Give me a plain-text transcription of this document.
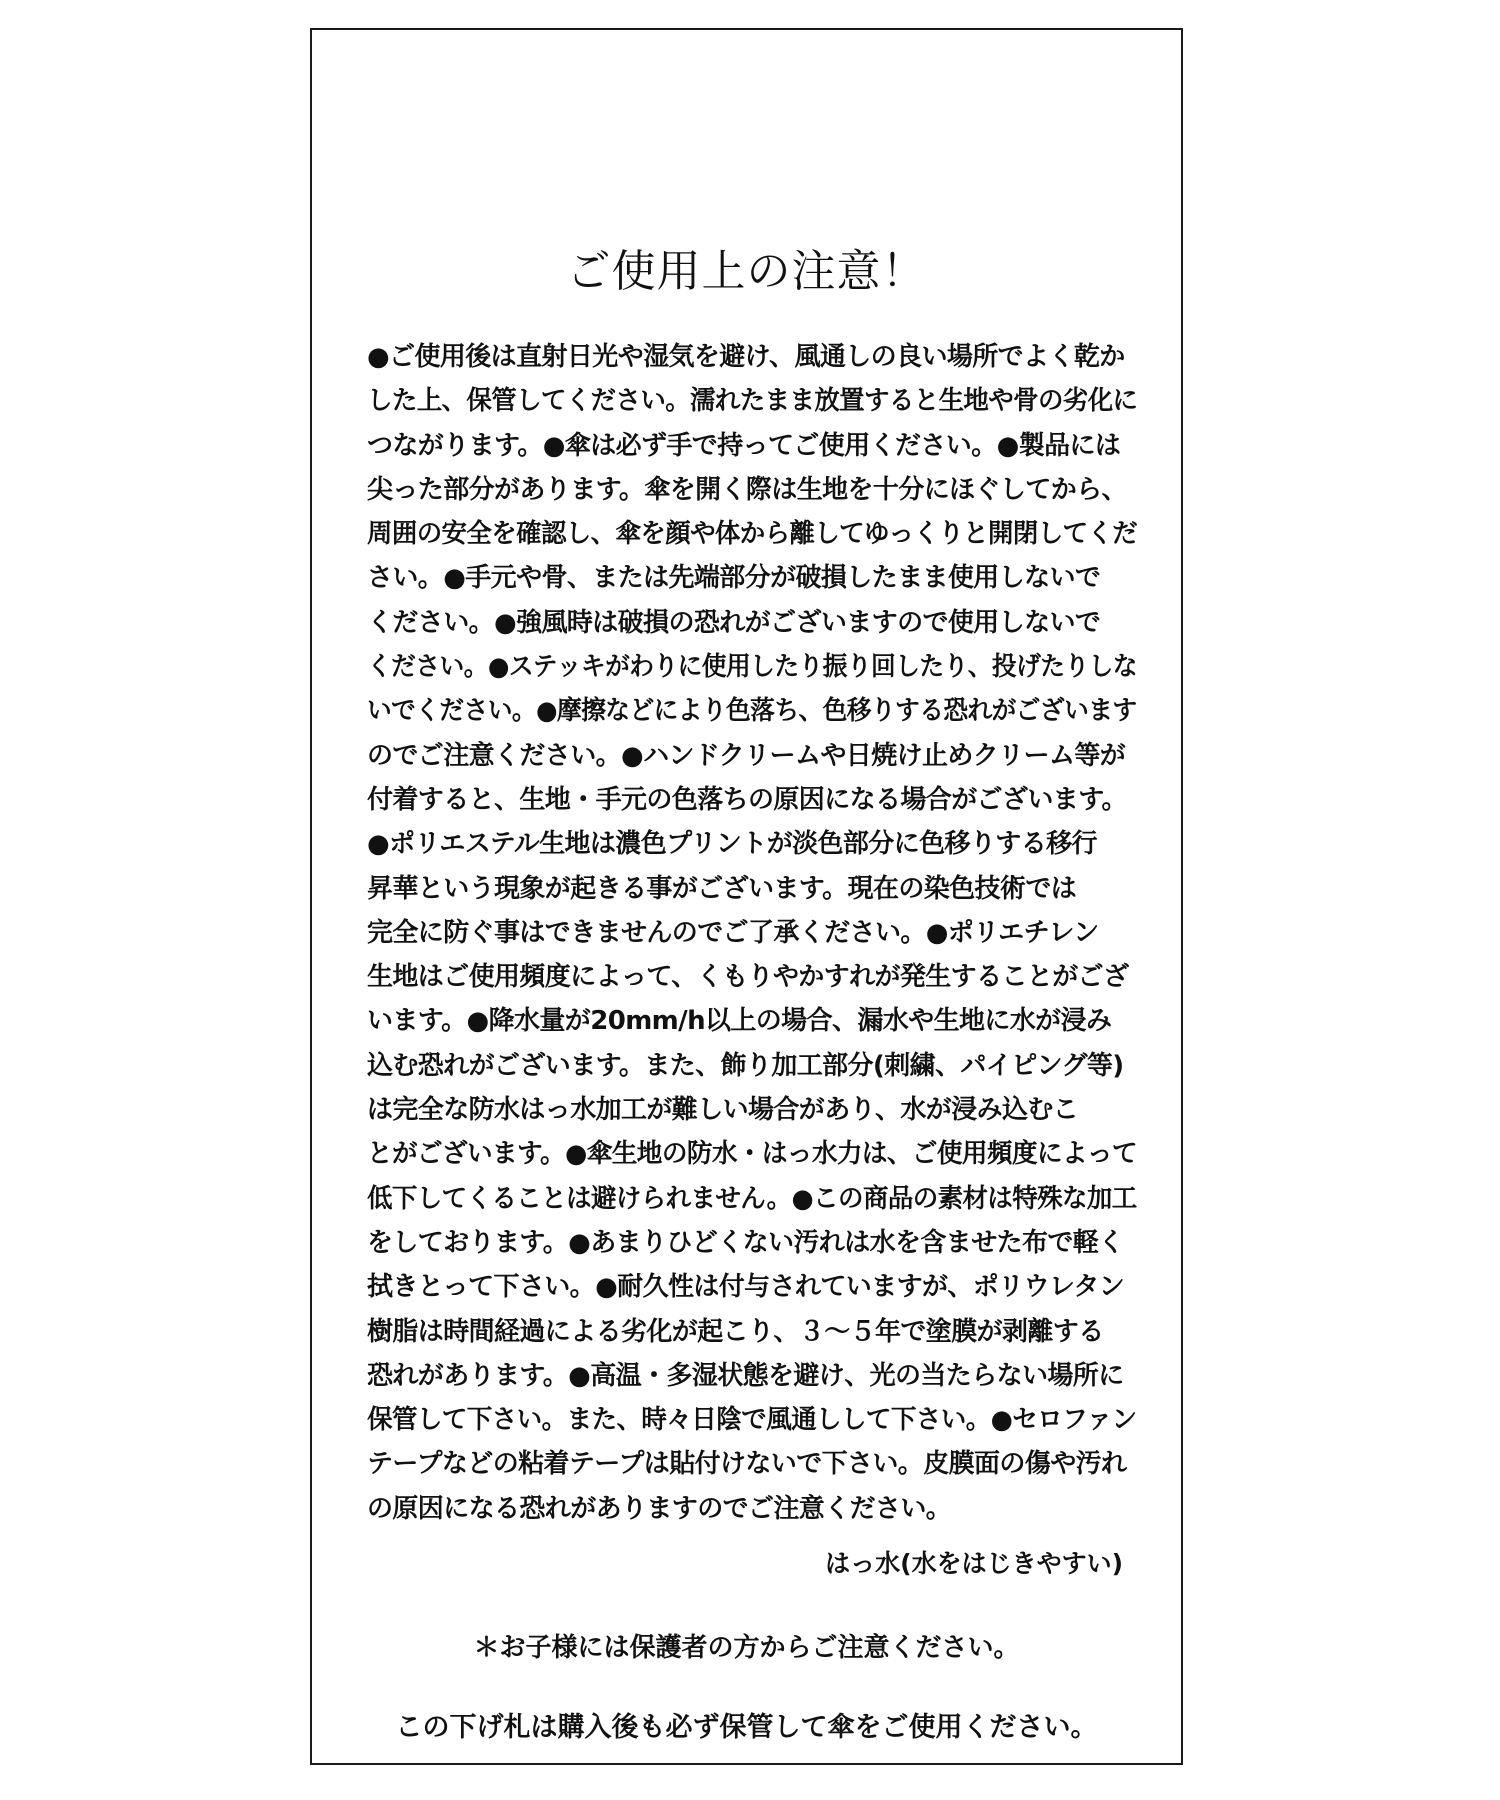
ご使用上の注意！
●ご使用後は直射日光や湿気を避け、風通しの良い場所でよく乾か
した上、保管してください。濡れたまま放置すると生地や骨の劣化に
つながります。●傘は必ず手で持ってご使用ください。●製品には
尖った部分があります。傘を開く際は生地を十分にほぐしてから、
周囲の安全を確認し、傘を顔や体から離してゆっくりと開閉してくだ
さい。●手元や骨、または先端部分が破損したまま使用しないで
ください。●強風時は破損の恐れがございますので使用しないで
ください。●ステッキがわりに使用したり振り回したり、投げたりしな
いでください。●摩擦などにより色落ち、色移りする恐れがございます
のでご注意ください。●ハンドクリームや日焼け止めクリーム等が
付着すると、生地・手元の色落ちの原因になる場合がございます。
●ポリエステル生地は濃色プリントが淡色部分に色移りする移行
昇華という現象が起きる事がございます。現在の染色技術では
完全に防ぐ事はできませんのでご了承ください。●ポリエチレン
生地はご使用頻度によって、くもりやかすれが発生することがござ
います。●降水量が20mm/h以上の場合、漏水や生地に水が浸み
込む恐れがございます。また、飾り加工部分(刺繍、パイピング等)
は完全な防水はっ水加工が難しい場合があり、水が浸み込むこ
とがございます。●傘生地の防水・はっ水力は、ご使用頻度によって
低下してくることは避けられません。●この商品の素材は特殊な加工
をしております。●あまりひどくない汚れは水を含ませた布で軽く
拭きとって下さい。●耐久性は付与されていますが、ポリウレタン
樹脂は時間経過による劣化が起こり、３～５年で塗膜が剥離する
恐れがあります。●高温・多湿状態を避け、光の当たらない場所に
保管して下さい。また、時々日陰で風通しして下さい。●セロファン
テープなどの粘着テープは貼付けないで下さい。皮膜面の傷や汚れ
の原因になる恐れがありますのでご注意ください。
はっ水(水をはじきやすい)
＊お子様には保護者の方からご注意ください。
この下げ札は購入後も必ず保管して傘をご使用ください。
